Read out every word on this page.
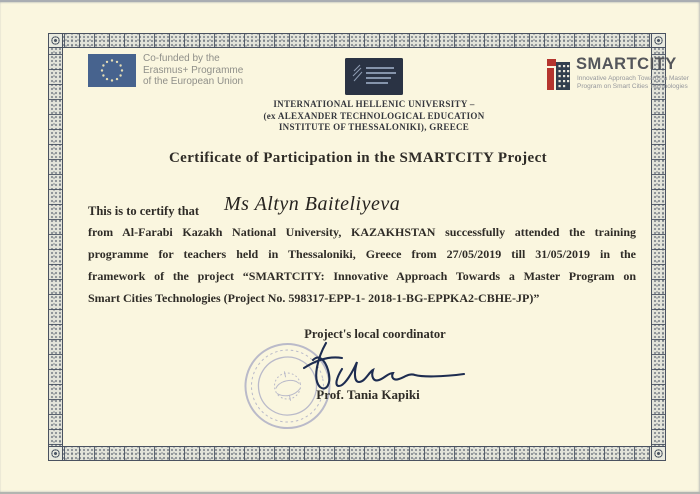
Co-funded by the
Erasmus+ Programme
of the European Union
INTERNATIONAL HELLENIC UNIVERSITY –
(ex ALEXANDER TECHNOLOGICAL EDUCATION
INSTITUTE OF THESSALONIKI), GREECE
SMARTCITY
Innovative Approach Towards a Master
Program on Smart Cities Technologies
Certificate of Participation in the SMARTCITY Project
This is to certify that Ms Altyn Baiteliyeva
from Al-Farabi Kazakh National University, KAZAKHSTAN successfully attended the training
programme for teachers held in Thessaloniki, Greece from 27/05/2019 till 31/05/2019 in the
framework of the project “SMARTCITY: Innovative Approach Towards a Master Program on
Smart Cities Technologies (Project No. 598317-EPP-1- 2018-1-BG-EPPKA2-CBHE-JP)”
Project's local coordinator
Prof. Tania Kapiki
